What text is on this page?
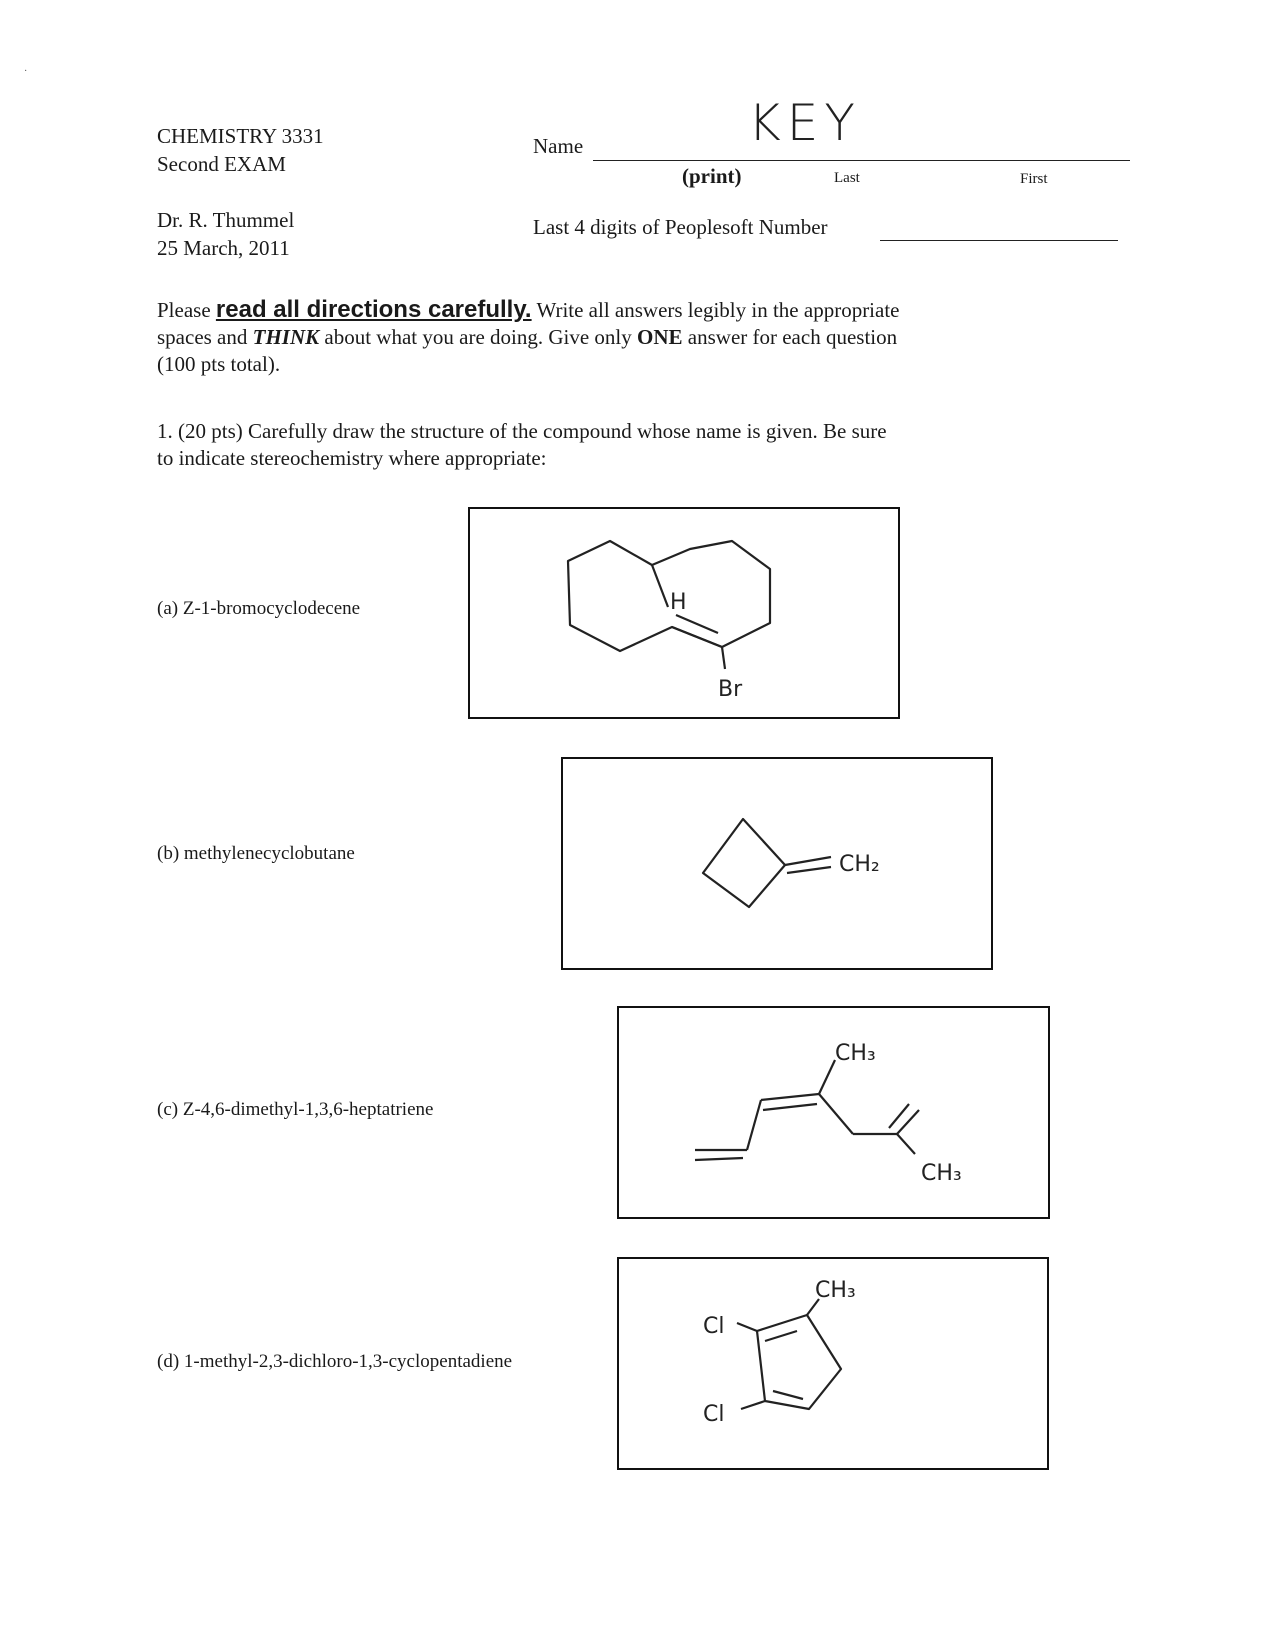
·
CHEMISTRY 3331
Second EXAM
Dr. R. Thummel
25 March, 2011
Name	KEY
(print)	Last	First
Last 4 digits of Peoplesoft Number
Please read all directions carefully. Write all answers legibly in the appropriate spaces and THINK about what you are doing. Give only ONE answer for each question (100 pts total).
1. (20 pts) Carefully draw the structure of the compound whose name is given. Be sure to indicate stereochemistry where appropriate:
(a) Z-1-bromocyclodecene	H
Br
(b) methylenecyclobutane	CH₂
(c) Z-4,6-dimethyl-1,3,6-heptatriene
CH₃
CH₃
(d) 1-methyl-2,3-dichloro-1,3-cyclopentadiene
CH₃
Cl
Cl
